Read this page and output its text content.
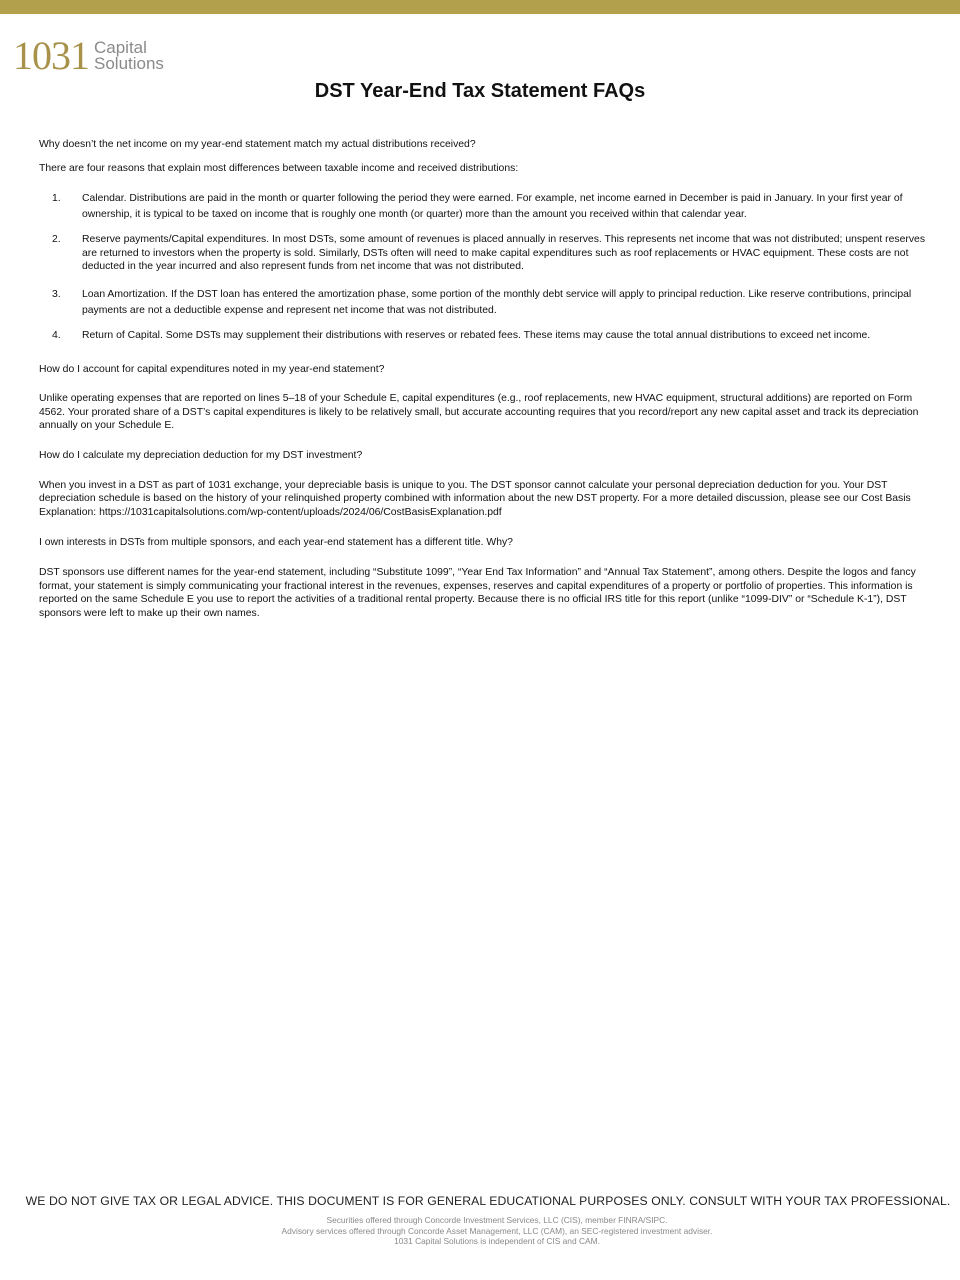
1031 Capital
Solutions
DST Year-End Tax Statement FAQs

Why doesn’t the net income on my year-end statement match my actual distributions received?

There are four reasons that explain most differences between taxable income and received distributions:

1. Calendar. Distributions are paid in the month or quarter following the period they were earned. For example, net income earned in December is paid in January. In your first year of ownership, it is typical to be taxed on income that is roughly one month (or quarter) more than the amount you received within that calendar year.
2. Reserve payments/Capital expenditures. In most DSTs, some amount of revenues is placed annually in reserves. This represents net income that was not distributed; unspent reserves are returned to investors when the property is sold. Similarly, DSTs often will need to make capital expenditures such as roof replacements or HVAC equipment. These costs are not deducted in the year incurred and also represent funds from net income that was not distributed.
3. Loan Amortization. If the DST loan has entered the amortization phase, some portion of the monthly debt service will apply to principal reduction. Like reserve contributions, principal payments are not a deductible expense and represent net income that was not distributed.
4. Return of Capital. Some DSTs may supplement their distributions with reserves or rebated fees. These items may cause the total annual distributions to exceed net income.

How do I account for capital expenditures noted in my year-end statement?

Unlike operating expenses that are reported on lines 5–18 of your Schedule E, capital expenditures (e.g., roof replacements, new HVAC equipment, structural additions) are reported on Form 4562. Your prorated share of a DST’s capital expenditures is likely to be relatively small, but accurate accounting requires that you record/report any new capital asset and track its depreciation annually on your Schedule E.

How do I calculate my depreciation deduction for my DST investment?

When you invest in a DST as part of 1031 exchange, your depreciable basis is unique to you. The DST sponsor cannot calculate your personal depreciation deduction for you. Your DST depreciation schedule is based on the history of your relinquished property combined with information about the new DST property. For a more detailed discussion, please see our Cost Basis Explanation: https://1031capitalsolutions.com/wp-content/uploads/2024/06/CostBasisExplanation.pdf

I own interests in DSTs from multiple sponsors, and each year-end statement has a different title. Why?

DST sponsors use different names for the year-end statement, including “Substitute 1099”, “Year End Tax Information” and “Annual Tax Statement”, among others. Despite the logos and fancy format, your statement is simply communicating your fractional interest in the revenues, expenses, reserves and capital expenditures of a property or portfolio of properties. This information is reported on the same Schedule E you use to report the activities of a traditional rental property. Because there is no official IRS title for this report (unlike “1099-DIV” or “Schedule K-1”), DST sponsors were left to make up their own names.

WE DO NOT GIVE TAX OR LEGAL ADVICE. THIS DOCUMENT IS FOR GENERAL EDUCATIONAL PURPOSES ONLY. CONSULT WITH YOUR TAX PROFESSIONAL.
Securities offered through Concorde Investment Services, LLC (CIS), member FINRA/SIPC.
Advisory services offered through Concorde Asset Management, LLC (CAM), an SEC-registered investment adviser.
1031 Capital Solutions is independent of CIS and CAM.
